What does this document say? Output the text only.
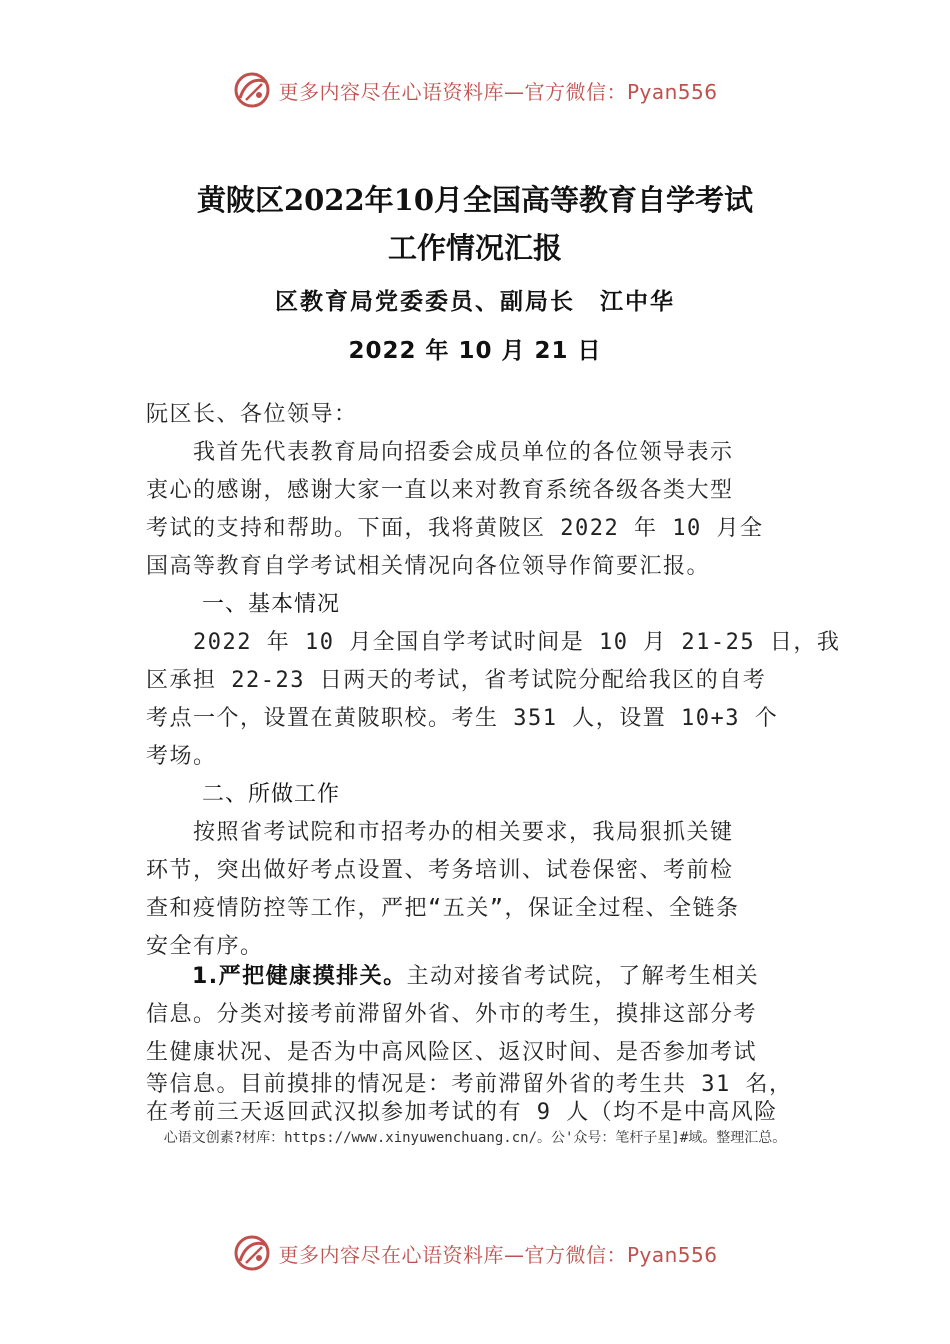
更多内容尽在心语资料库—官方微信：Pyan556
黄陂区2022年10月全国高等教育自学考试
工作情况汇报
区教育局党委委员、副局长　江中华
2022 年 10 月 21 日
阮区长、各位领导：
　　我首先代表教育局向招委会成员单位的各位领导表示
衷心的感谢，感谢大家一直以来对教育系统各级各类大型
考试的支持和帮助。下面，我将黄陂区 2022 年 10 月全
国高等教育自学考试相关情况向各位领导作简要汇报。
一、基本情况
　　2022 年 10 月全国自学考试时间是 10 月 21-25 日，我
区承担 22-23 日两天的考试，省考试院分配给我区的自考
考点一个，设置在黄陂职校。考生 351 人，设置 10+3 个
考场。
二、所做工作
　　按照省考试院和市招考办的相关要求，我局狠抓关键
环节，突出做好考点设置、考务培训、试卷保密、考前检
查和疫情防控等工作，严把“五关”，保证全过程、全链条
安全有序。
1.严把健康摸排关。主动对接省考试院，了解考生相关
信息。分类对接考前滞留外省、外市的考生，摸排这部分考
生健康状况、是否为中高风险区、返汉时间、是否参加考试
等信息。目前摸排的情况是：考前滞留外省的考生共 31 名，
在考前三天返回武汉拟参加考试的有 9 人（均不是中高风险
心语文创素?材库：https://www.xinyuwenchuang.cn/。公'众号：笔杆子星]#域。整理汇总。
更多内容尽在心语资料库—官方微信：Pyan556
